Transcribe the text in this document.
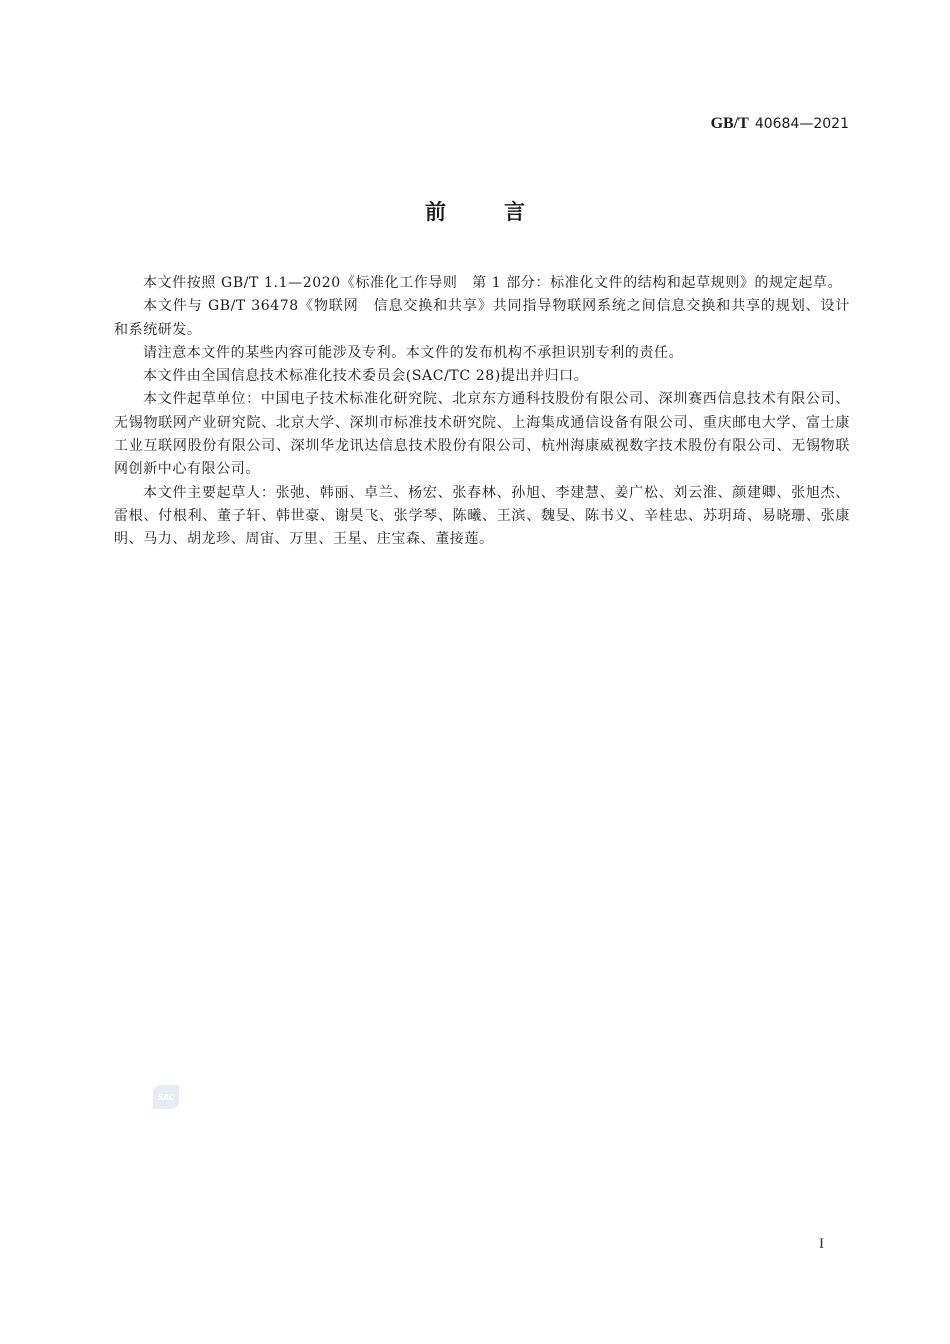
GB/T 40684—2021
前	言

本文件按照 GB/T 1.1—2020《标准化工作导则　第 1 部分：标准化文件的结构和起草规则》的规定起草。

本文件与 GB/T 36478《物联网　信息交换和共享》共同指导物联网系统之间信息交换和共享的规划、设计和系统研发。

请注意本文件的某些内容可能涉及专利。本文件的发布机构不承担识别专利的责任。

本文件由全国信息技术标准化技术委员会(SAC/TC 28)提出并归口。

本文件起草单位：中国电子技术标准化研究院、北京东方通科技股份有限公司、深圳赛西信息技术有限公司、无锡物联网产业研究院、北京大学、深圳市标准技术研究院、上海集成通信设备有限公司、重庆邮电大学、富士康工业互联网股份有限公司、深圳华龙讯达信息技术股份有限公司、杭州海康威视数字技术股份有限公司、无锡物联网创新中心有限公司。

本文件主要起草人：张弛、韩丽、卓兰、杨宏、张春林、孙旭、李建慧、姜广松、刘云淮、颜建卿、张旭杰、雷根、付根利、董子轩、韩世豪、谢昊飞、张学琴、陈曦、王滨、魏旻、陈书义、辛桂忠、苏玥琦、易晓珊、张康明、马力、胡龙珍、周宙、万里、王星、庄宝森、董接莲。

SAC
I
